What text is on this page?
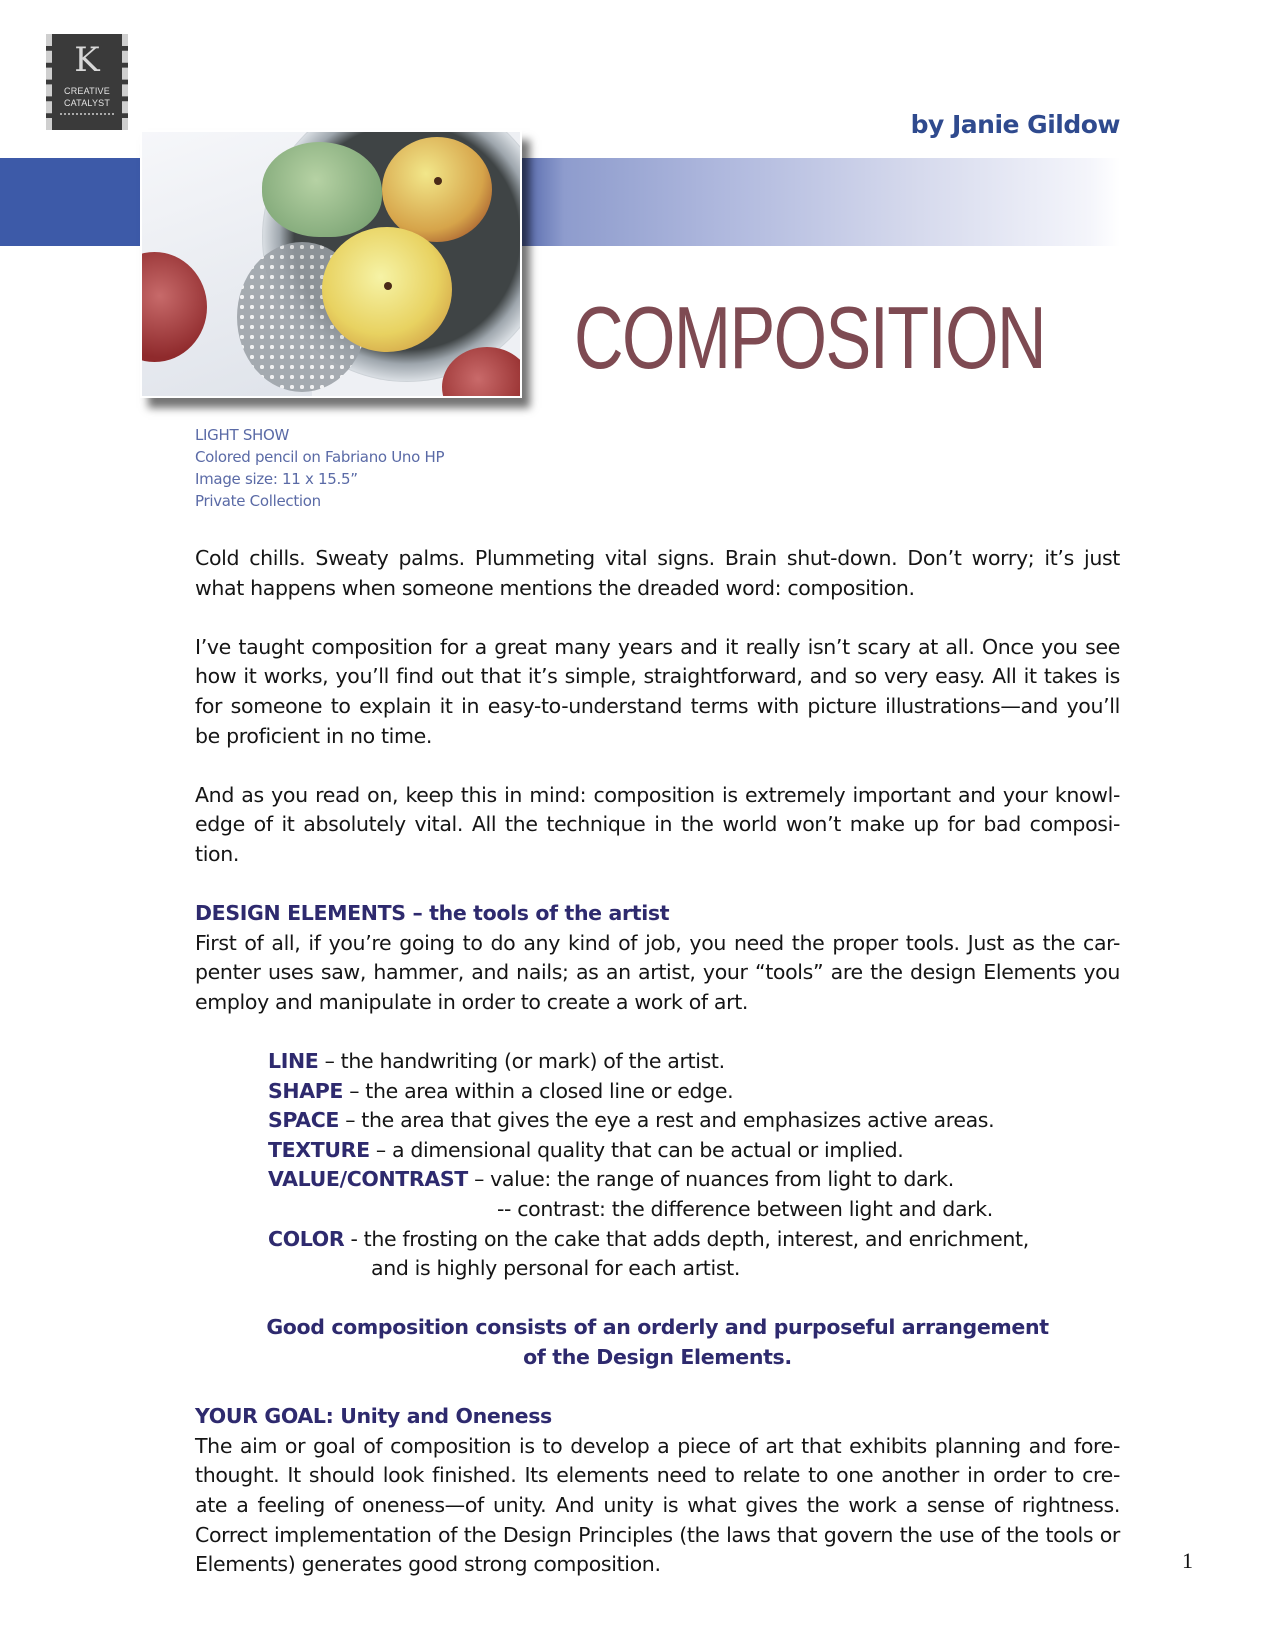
K
CREATIVE
CATALYST
by Janie Gildow
COMPOSITION
LIGHT SHOW
Colored pencil on Fabriano Uno HP
Image size: 11 x 15.5”
Private Collection

Cold chills. Sweaty palms. Plummeting vital signs. Brain shut-down. Don’t worry; it’s just what happens when someone mentions the dreaded word: composition.

I’ve taught composition for a great many years and it really isn’t scary at all. Once you see how it works, you’ll find out that it’s simple, straightforward, and so very easy. All it takes is for someone to explain it in easy-to-understand terms with picture illustrations—and you’ll be proficient in no time.

And as you read on, keep this in mind: composition is extremely important and your knowl-edge of it absolutely vital. All the technique in the world won’t make up for bad composi-tion.

DESIGN ELEMENTS – the tools of the artist

First of all, if you’re going to do any kind of job, you need the proper tools. Just as the car-penter uses saw, hammer, and nails; as an artist, your “tools” are the design Elements you employ and manipulate in order to create a work of art.

LINE – the handwriting (or mark) of the artist.
SHAPE – the area within a closed line or edge.
SPACE – the area that gives the eye a rest and emphasizes active areas.
TEXTURE – a dimensional quality that can be actual or implied.
VALUE/CONTRAST – value: the range of nuances from light to dark.
-- contrast: the difference between light and dark.
COLOR - the frosting on the cake that adds depth, interest, and enrichment,
and is highly personal for each artist.
Good composition consists of an orderly and purposeful arrangement
of the Design Elements.
YOUR GOAL: Unity and Oneness

The aim or goal of composition is to develop a piece of art that exhibits planning and fore-thought. It should look finished. Its elements need to relate to one another in order to cre-ate a feeling of oneness—of unity. And unity is what gives the work a sense of rightness. Correct implementation of the Design Principles (the laws that govern the use of the tools or Elements) generates good strong composition.	1
